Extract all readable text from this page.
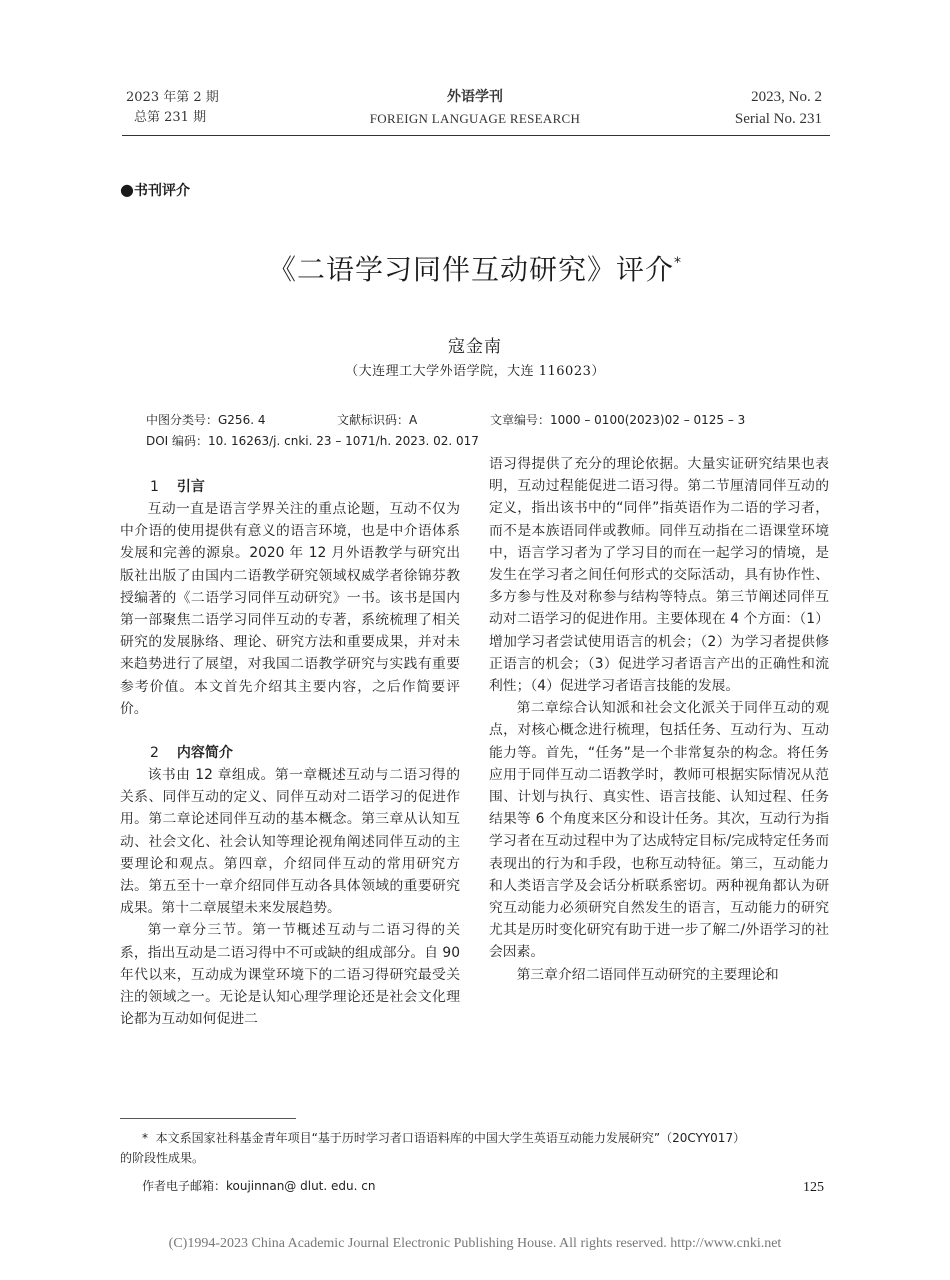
2023 年第 2 期
总第 231 期
外语学刊
FOREIGN LANGUAGE RESEARCH
2023, No. 2
Serial No. 231
●书刊评介
《二语学习同伴互动研究》评介*
寇金南
（大连理工大学外语学院，大连 116023）
中图分类号：G256. 4	文献标识码：A	文章编号：1000 – 0100(2023)02 – 0125 – 3
DOI 编码：10. 16263/j. cnki. 23 – 1071/h. 2023. 02. 017
1 引言

互动一直是语言学界关注的重点论题，互动不仅为中介语的使用提供有意义的语言环境，也是中介语体系发展和完善的源泉。2020 年 12 月外语教学与研究出版社出版了由国内二语教学研究领域权威学者徐锦芬教授编著的《二语学习同伴互动研究》一书。该书是国内第一部聚焦二语学习同伴互动的专著，系统梳理了相关研究的发展脉络、理论、研究方法和重要成果，并对未来趋势进行了展望，对我国二语教学研究与实践有重要参考价值。本文首先介绍其主要内容，之后作简要评价。

2 内容简介

该书由 12 章组成。第一章概述互动与二语习得的关系、同伴互动的定义、同伴互动对二语学习的促进作用。第二章论述同伴互动的基本概念。第三章从认知互动、社会文化、社会认知等理论视角阐述同伴互动的主要理论和观点。第四章，介绍同伴互动的常用研究方法。第五至十一章介绍同伴互动各具体领域的重要研究成果。第十二章展望未来发展趋势。

第一章分三节。第一节概述互动与二语习得的关系，指出互动是二语习得中不可或缺的组成部分。自 90 年代以来，互动成为课堂环境下的二语习得研究最受关注的领域之一。无论是认知心理学理论还是社会文化理论都为互动如何促进二

语习得提供了充分的理论依据。大量实证研究结果也表明，互动过程能促进二语习得。第二节厘清同伴互动的定义，指出该书中的“同伴”指英语作为二语的学习者，而不是本族语同伴或教师。同伴互动指在二语课堂环境中，语言学习者为了学习目的而在一起学习的情境，是发生在学习者之间任何形式的交际活动，具有协作性、多方参与性及对称参与结构等特点。第三节阐述同伴互动对二语学习的促进作用。主要体现在 4 个方面：（1）增加学习者尝试使用语言的机会；（2）为学习者提供修正语言的机会；（3）促进学习者语言产出的正确性和流利性；（4）促进学习者语言技能的发展。

第二章综合认知派和社会文化派关于同伴互动的观点，对核心概念进行梳理，包括任务、互动行为、互动能力等。首先，“任务”是一个非常复杂的构念。将任务应用于同伴互动二语教学时，教师可根据实际情况从范围、计划与执行、真实性、语言技能、认知过程、任务结果等 6 个角度来区分和设计任务。其次，互动行为指学习者在互动过程中为了达成特定目标/完成特定任务而表现出的行为和手段，也称互动特征。第三，互动能力和人类语言学及会话分析联系密切。两种视角都认为研究互动能力必须研究自然发生的语言，互动能力的研究尤其是历时变化研究有助于进一步了解二/外语学习的社会因素。

第三章介绍二语同伴互动研究的主要理论和

* 本文系国家社科基金青年项目“基于历时学习者口语语料库的中国大学生英语互动能力发展研究”（20CYY017）

的阶段性成果。

作者电子邮箱：koujinnan@ dlut. edu. cn	125
(C)1994-2023 China Academic Journal Electronic Publishing House. All rights reserved. http://www.cnki.net
